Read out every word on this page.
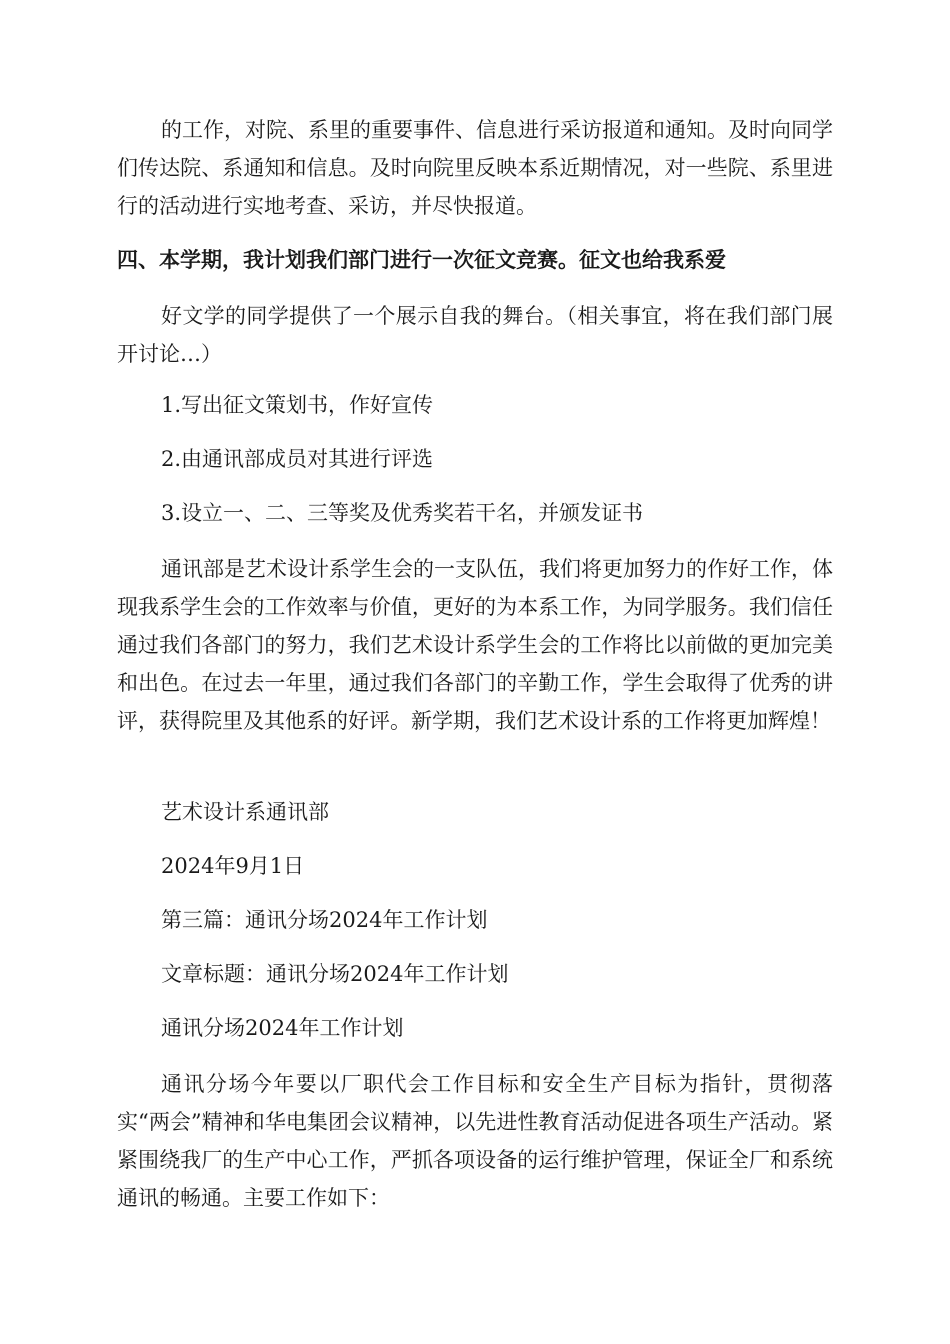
的工作，对院、系里的重要事件、信息进行采访报道和通知。及时向同学们传达院、系通知和信息。及时向院里反映本系近期情况，对一些院、系里进行的活动进行实地考查、采访，并尽快报道。

四、本学期，我计划我们部门进行一次征文竞赛。征文也给我系爱

好文学的同学提供了一个展示自我的舞台。（相关事宜，将在我们部门展开讨论…）

1.写出征文策划书，作好宣传

2.由通讯部成员对其进行评选

3.设立一、二、三等奖及优秀奖若干名，并颁发证书

通讯部是艺术设计系学生会的一支队伍，我们将更加努力的作好工作，体现我系学生会的工作效率与价值，更好的为本系工作，为同学服务。我们信任通过我们各部门的努力，我们艺术设计系学生会的工作将比以前做的更加完美和出色。在过去一年里，通过我们各部门的辛勤工作，学生会取得了优秀的讲评，获得院里及其他系的好评。新学期，我们艺术设计系的工作将更加辉煌！

艺术设计系通讯部

2024年9月1日

第三篇：通讯分场2024年工作计划

文章标题：通讯分场2024年工作计划

通讯分场2024年工作计划

通讯分场今年要以厂职代会工作目标和安全生产目标为指针，贯彻落实“两会”精神和华电集团会议精神，以先进性教育活动促进各项生产活动。紧紧围绕我厂的生产中心工作，严抓各项设备的运行维护管理，保证全厂和系统通讯的畅通。主要工作如下：
